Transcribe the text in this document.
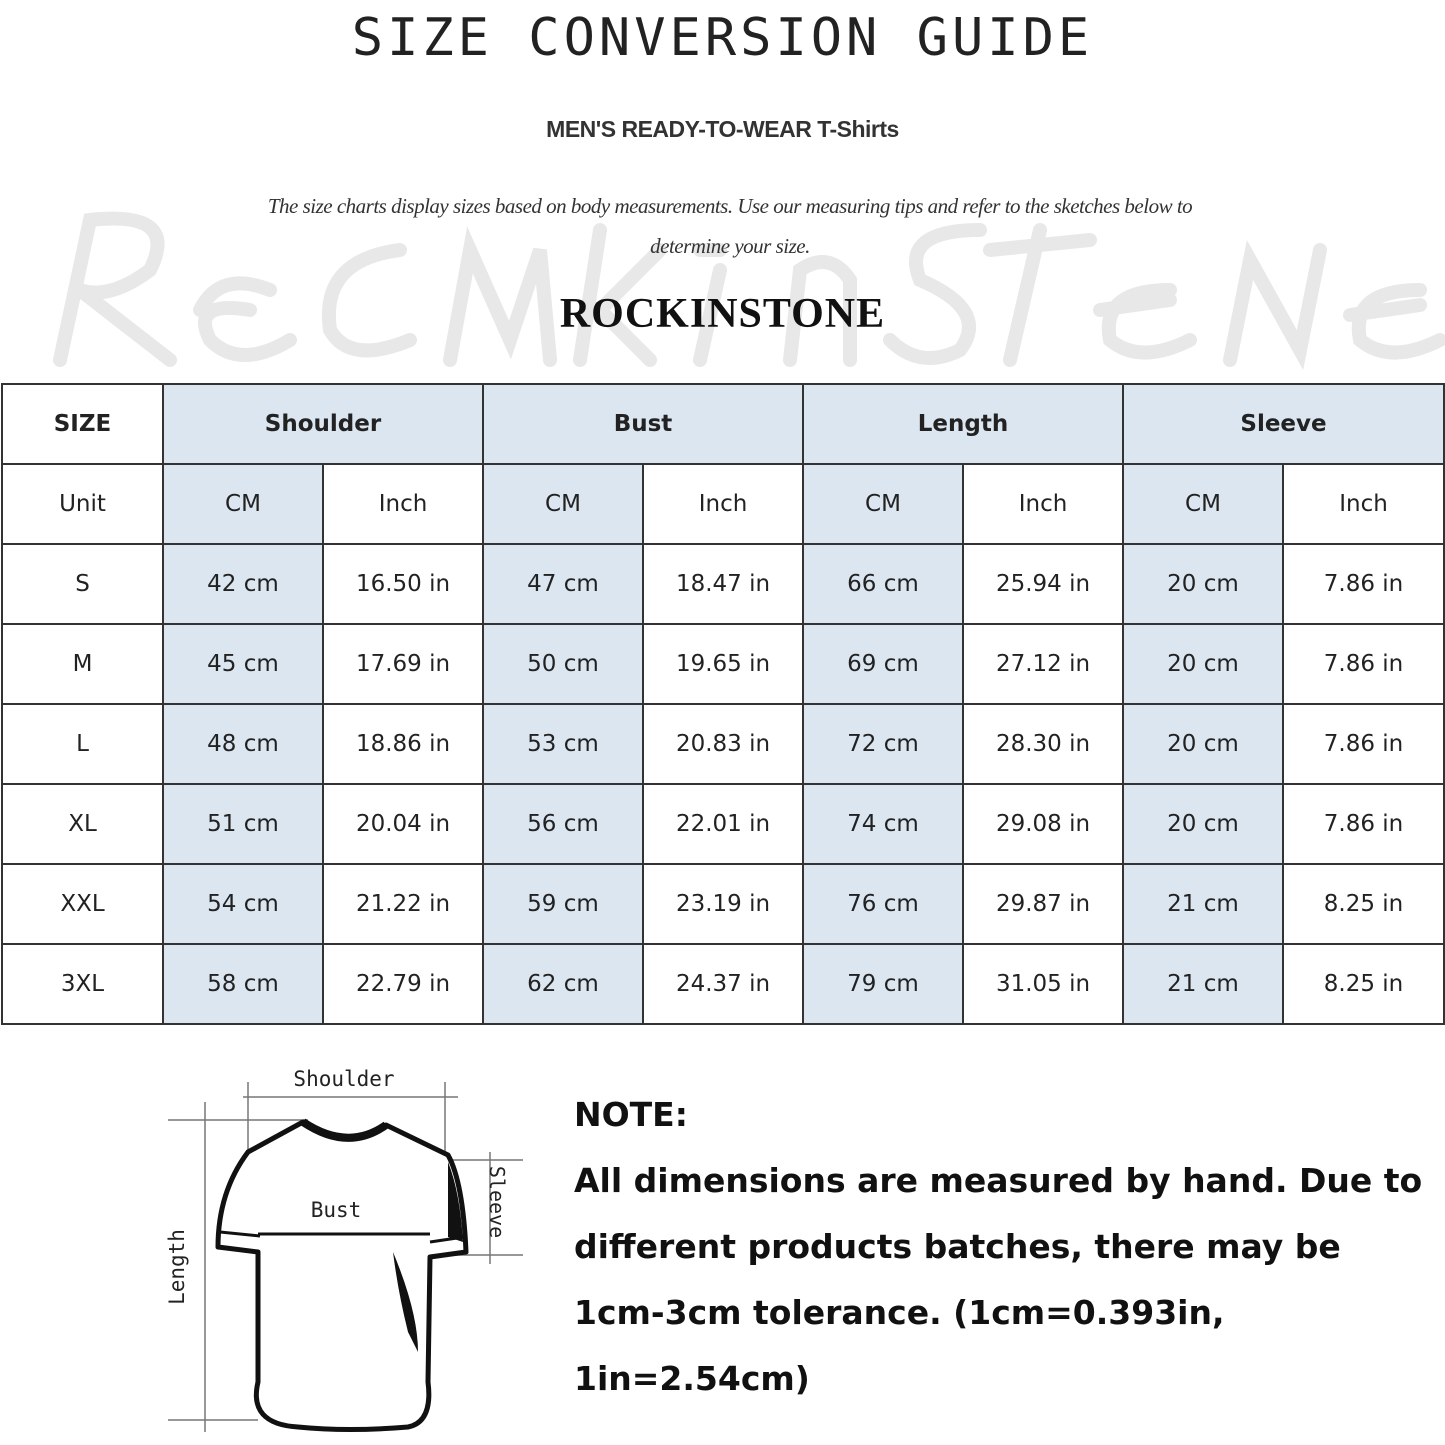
SIZE CONVERSION GUIDE
MEN'S READY-TO-WEAR T-Shirts
The size charts display sizes based on body measurements. Use our measuring tips and refer to the sketches below to determine your size.
ROCKINSTONE
SIZE	Shoulder		Bust		Length		Sleeve	
Unit	CM	Inch	CM	Inch	CM	Inch	CM	Inch
S	42 cm	16.50 in	47 cm	18.47 in	66 cm	25.94 in	20 cm	7.86 in
M	45 cm	17.69 in	50 cm	19.65 in	69 cm	27.12 in	20 cm	7.86 in
L	48 cm	18.86 in	53 cm	20.83 in	72 cm	28.30 in	20 cm	7.86 in
XL	51 cm	20.04 in	56 cm	22.01 in	74 cm	29.08 in	20 cm	7.86 in
XXL	54 cm	21.22 in	59 cm	23.19 in	76 cm	29.87 in	21 cm	8.25 in
3XL	58 cm	22.79 in	62 cm	24.37 in	79 cm	31.05 in	21 cm	8.25 in
Shoulder
Bust
Length
Sleeve
NOTE:
All dimensions are measured by hand. Due to different products batches, there may be 1cm-3cm tolerance. (1cm=0.393in, 1in=2.54cm)
